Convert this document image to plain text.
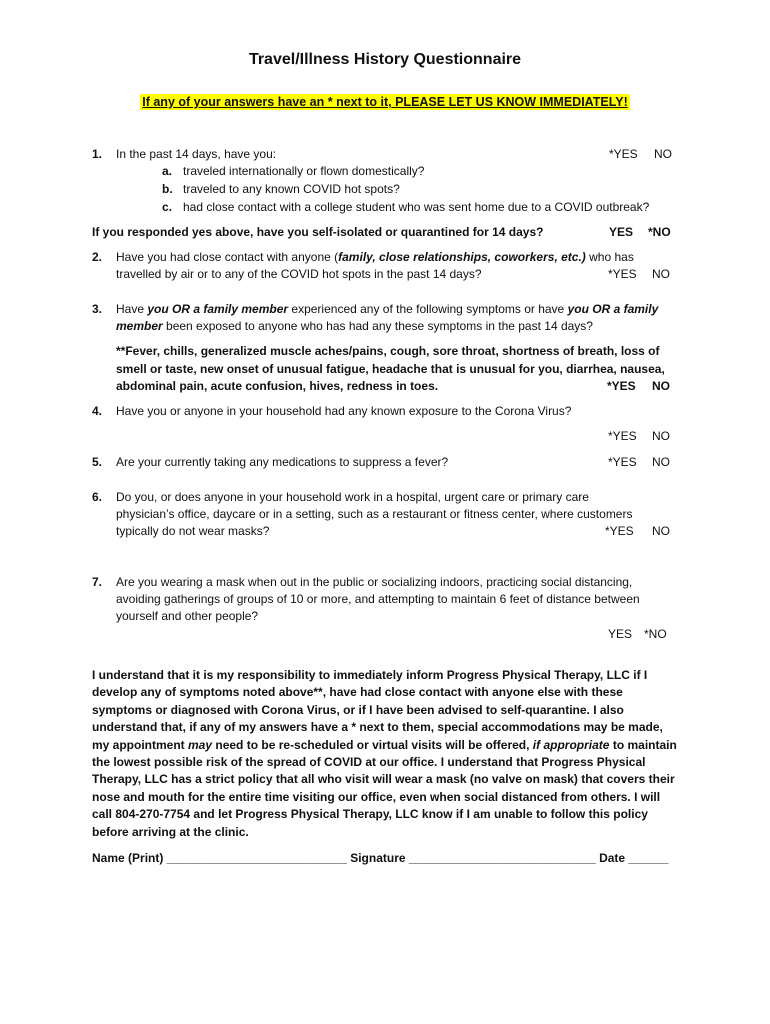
Travel/Illness History Questionnaire
If any of your answers have an * next to it, PLEASE LET US KNOW IMMEDIATELY!
1. In the past 14 days, have you:	*YES NO
a. traveled internationally or flown domestically?
b. traveled to any known COVID hot spots?
c. had close contact with a college student who was sent home due to a COVID outbreak?
If you responded yes above, have you self-isolated or quarantined for 14 days?	YES *NO
2. Have you had close contact with anyone (family, close relationships, coworkers, etc.) who has
travelled by air or to any of the COVID hot spots in the past 14 days?	*YES NO
3. Have you OR a family member experienced any of the following symptoms or have you OR a family
member been exposed to anyone who has had any these symptoms in the past 14 days?
**Fever, chills, generalized muscle aches/pains, cough, sore throat, shortness of breath, loss of
smell or taste, new onset of unusual fatigue, headache that is unusual for you, diarrhea, nausea,
abdominal pain, acute confusion, hives, redness in toes.	*YES NO
4. Have you or anyone in your household had any known exposure to the Corona Virus?
*YES NO
5. Are your currently taking any medications to suppress a fever?	*YES NO
6. Do you, or does anyone in your household work in a hospital, urgent care or primary care
physician’s office, daycare or in a setting, such as a restaurant or fitness center, where customers
typically do not wear masks?	*YES NO
7. Are you wearing a mask when out in the public or socializing indoors, practicing social distancing,
avoiding gatherings of groups of 10 or more, and attempting to maintain 6 feet of distance between
yourself and other people?
YES *NO
I understand that it is my responsibility to immediately inform Progress Physical Therapy, LLC if I develop any of symptoms noted above**, have had close contact with anyone else with these symptoms or diagnosed with Corona Virus, or if I have been advised to self-quarantine. I also understand that, if any of my answers have a * next to them, special accommodations may be made, my appointment may need to be re-scheduled or virtual visits will be offered, if appropriate to maintain the lowest possible risk of the spread of COVID at our office. I understand that Progress Physical Therapy, LLC has a strict policy that all who visit will wear a mask (no valve on mask) that covers their nose and mouth for the entire time visiting our office, even when social distanced from others. I will call 804-270-7754 and let Progress Physical Therapy, LLC know if I am unable to follow this policy before arriving at the clinic.
Name (Print) ___________________________ Signature ____________________________ Date ______
